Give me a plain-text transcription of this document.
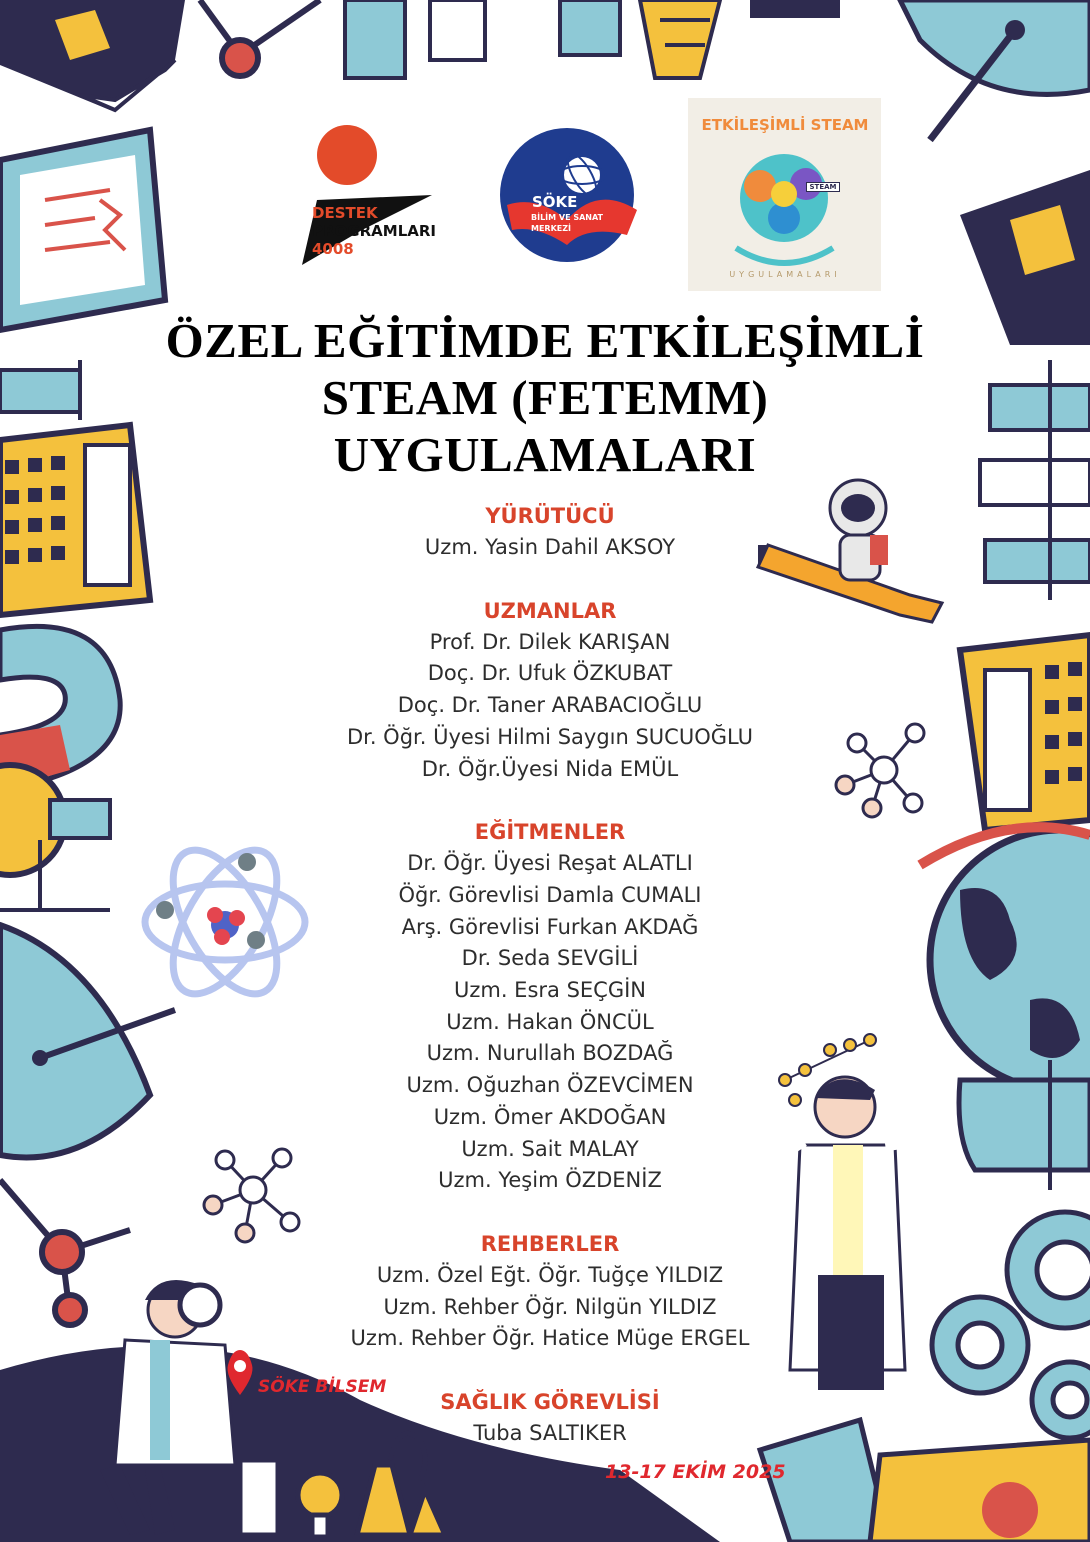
DESTEK
PROGRAMLARI
4008
SÖKE
BİLİM VE SANAT
MERKEZİ
ETKİLEŞİMLİ STEAM
STEAM
UYGULAMALARI
ÖZEL EĞİTİMDE ETKİLEŞİMLİ
STEAM (FETEMM)
UYGULAMALARI
YÜRÜTÜCÜ
Uzm. Yasin Dahil AKSOY
UZMANLAR
Prof. Dr. Dilek KARIŞAN
Doç. Dr. Ufuk ÖZKUBAT
Doç. Dr. Taner ARABACIOĞLU
Dr. Öğr. Üyesi Hilmi Saygın SUCUOĞLU
Dr. Öğr.Üyesi Nida EMÜL
EĞİTMENLER
Dr. Öğr. Üyesi Reşat ALATLI
Öğr. Görevlisi Damla CUMALI
Arş. Görevlisi Furkan AKDAĞ
Dr. Seda SEVGİLİ
Uzm. Esra SEÇGİN
Uzm. Hakan ÖNCÜL
Uzm. Nurullah BOZDAĞ
Uzm. Oğuzhan ÖZEVCİMEN
Uzm. Ömer AKDOĞAN
Uzm. Sait MALAY
Uzm. Yeşim ÖZDENİZ
REHBERLER
Uzm. Özel Eğt. Öğr. Tuğçe YILDIZ
Uzm. Rehber Öğr. Nilgün YILDIZ
Uzm. Rehber Öğr. Hatice Müge ERGEL
SAĞLIK GÖREVLİSİ
Tuba SALTIKER
SÖKE BİLSEM
13-17 EKİM 2025
